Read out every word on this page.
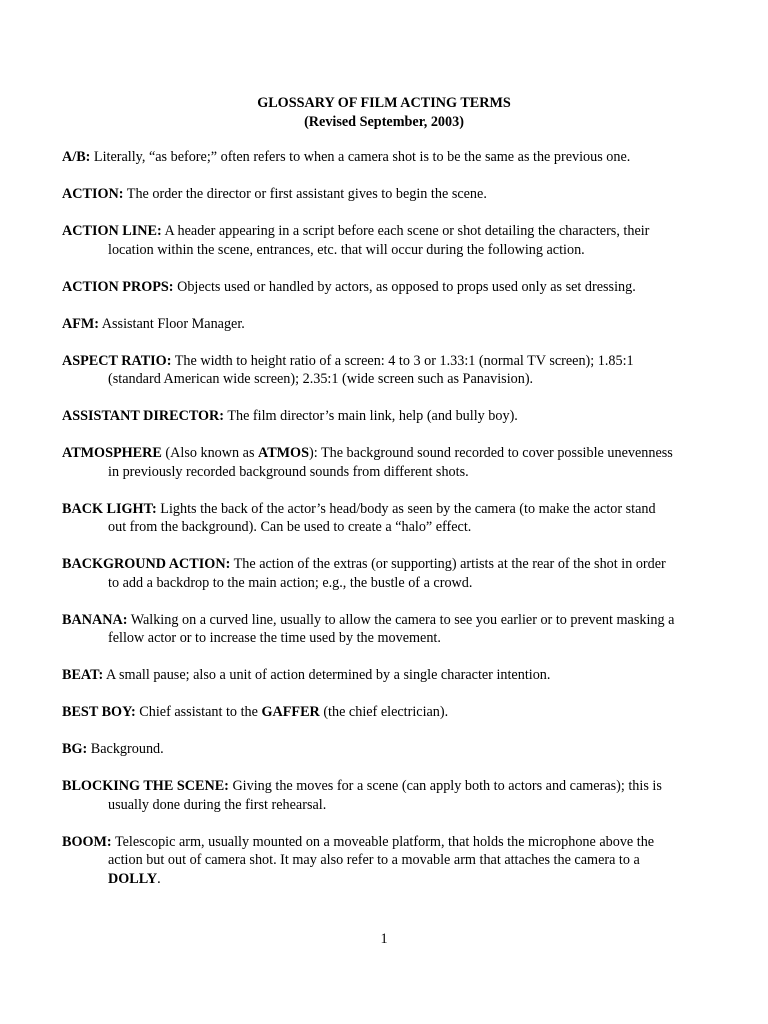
GLOSSARY OF FILM ACTING TERMS
(Revised September, 2003)
A/B: Literally, “as before;” often refers to when a camera shot is to be the same as the previous one.
ACTION: The order the director or first assistant gives to begin the scene.
ACTION LINE: A header appearing in a script before each scene or shot detailing the characters, their
location within the scene, entrances, etc. that will occur during the following action.
ACTION PROPS: Objects used or handled by actors, as opposed to props used only as set dressing.
AFM: Assistant Floor Manager.
ASPECT RATIO: The width to height ratio of a screen: 4 to 3 or 1.33:1 (normal TV screen); 1.85:1
(standard American wide screen); 2.35:1 (wide screen such as Panavision).
ASSISTANT DIRECTOR: The film director’s main link, help (and bully boy).
ATMOSPHERE (Also known as ATMOS): The background sound recorded to cover possible unevenness
in previously recorded background sounds from different shots.
BACK LIGHT: Lights the back of the actor’s head/body as seen by the camera (to make the actor stand
out from the background). Can be used to create a “halo” effect.
BACKGROUND ACTION: The action of the extras (or supporting) artists at the rear of the shot in order
to add a backdrop to the main action; e.g., the bustle of a crowd.
BANANA: Walking on a curved line, usually to allow the camera to see you earlier or to prevent masking a
fellow actor or to increase the time used by the movement.
BEAT: A small pause; also a unit of action determined by a single character intention.
BEST BOY: Chief assistant to the GAFFER (the chief electrician).
BG: Background.
BLOCKING THE SCENE: Giving the moves for a scene (can apply both to actors and cameras); this is
usually done during the first rehearsal.
BOOM: Telescopic arm, usually mounted on a moveable platform, that holds the microphone above the
action but out of camera shot. It may also refer to a movable arm that attaches the camera to a
DOLLY.
1
